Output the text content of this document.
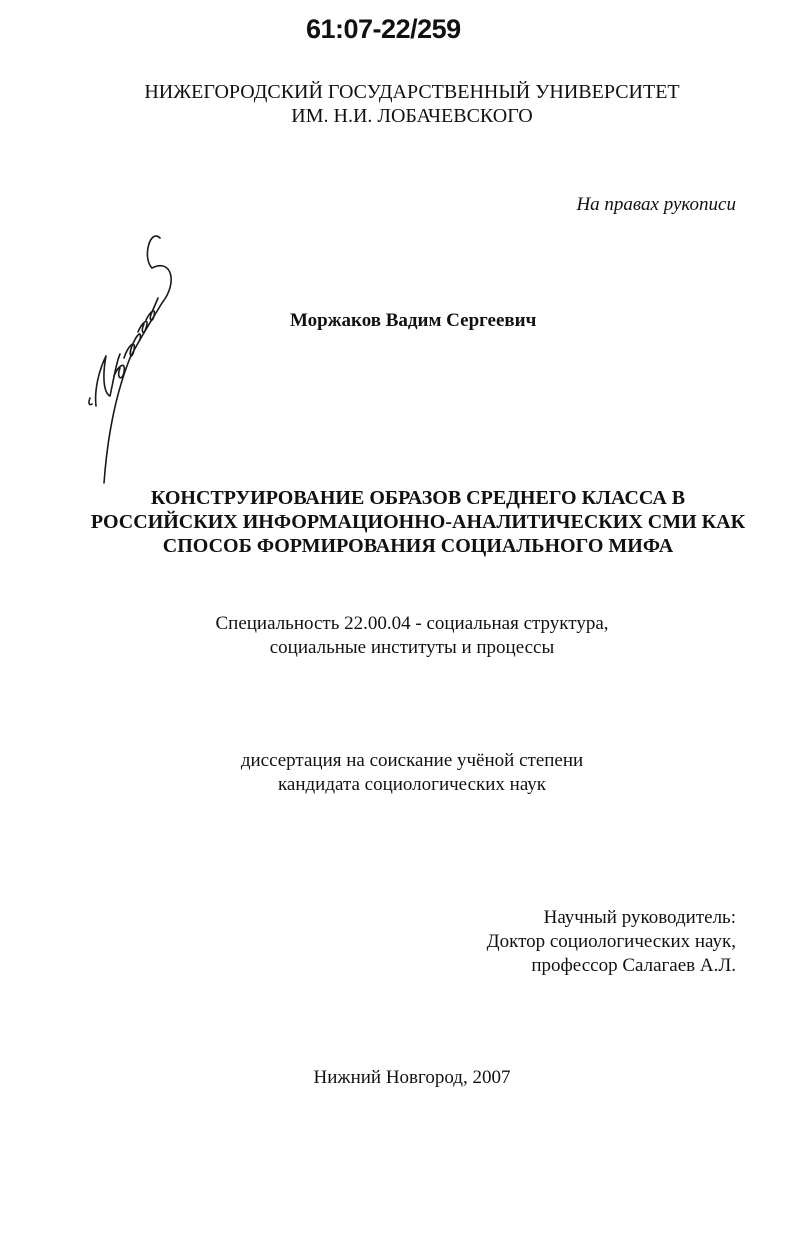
61:07-22/259
НИЖЕГОРОДСКИЙ ГОСУДАРСТВЕННЫЙ УНИВЕРСИТЕТ
ИМ. Н.И. ЛОБАЧЕВСКОГО
На правах рукописи
Моржаков Вадим Сергеевич
КОНСТРУИРОВАНИЕ ОБРАЗОВ СРЕДНЕГО КЛАССА В
РОССИЙСКИХ ИНФОРМАЦИОННО-АНАЛИТИЧЕСКИХ СМИ КАК
СПОСОБ ФОРМИРОВАНИЯ СОЦИАЛЬНОГО МИФА
Специальность 22.00.04 - социальная структура,
социальные институты и процессы
диссертация на соискание учёной степени
кандидата социологических наук
Научный руководитель:
Доктор социологических наук,
профессор Салагаев А.Л.
Нижний Новгород, 2007
